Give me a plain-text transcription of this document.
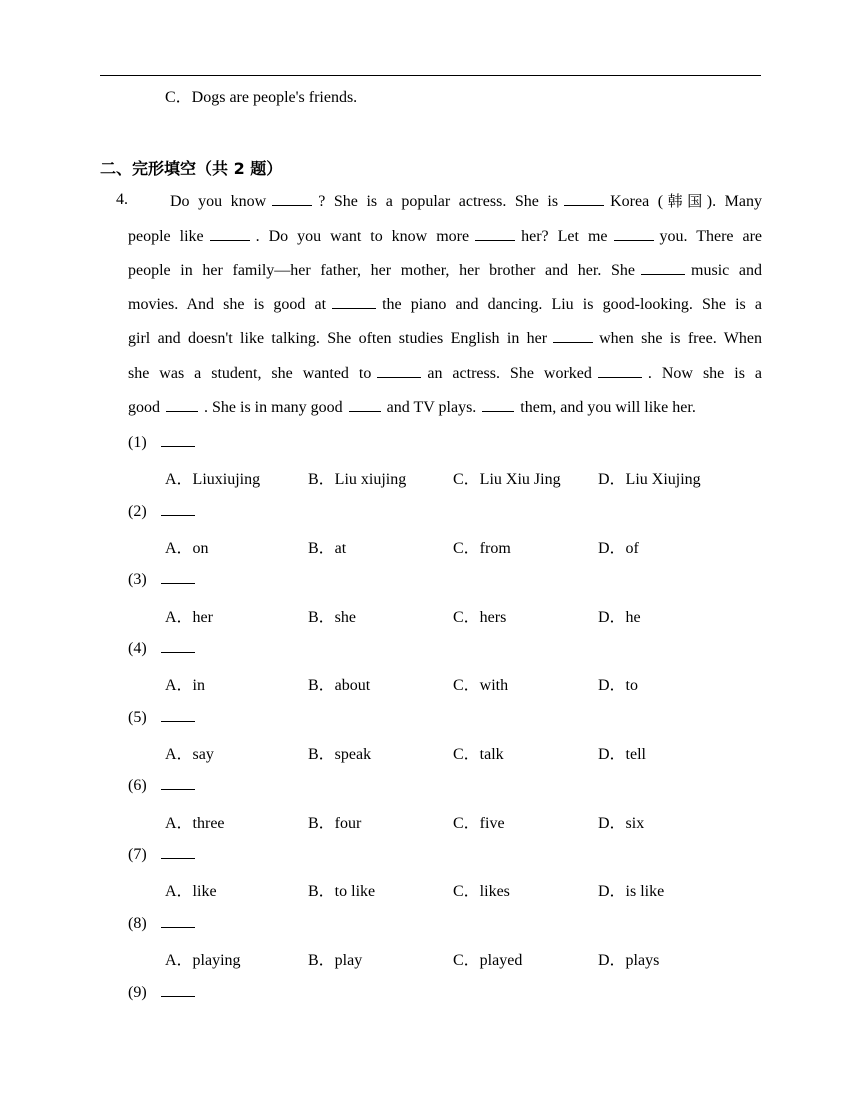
C．Dogs are people's friends.
二、完形填空（共 2 题）
4.	Do you know	? She is a popular actress. She is	Korea (韩国). Many
people like	. Do you want to know more	her? Let me	you. There are
people in her family—her father, her mother, her brother and her. She	music and
movies. And she is good at	the piano and dancing. Liu is good-looking. She is a
girl and doesn't like talking. She often studies English in her	when she is free. When
she was a student, she wanted to	an actress. She worked	. Now she is a
good	. She is in many good	and TV plays.	them, and you will like her.
(1)
A．Liuxiujing	B．Liu xiujing	C．Liu Xiu Jing D．Liu Xiujing
(2)
A．on	B．at	C．from	D．of
(3)
A．her	B．she	C．hers	D．he
(4)
A．in	B．about	C．with	D．to
(5)
A．say	B．speak	C．talk	D．tell
(6)
A．three	B．four	C．five	D．six
(7)
A．like	B．to like	C．likes	D．is like
(8)
A．playing	B．play	C．played	D．plays
(9)
